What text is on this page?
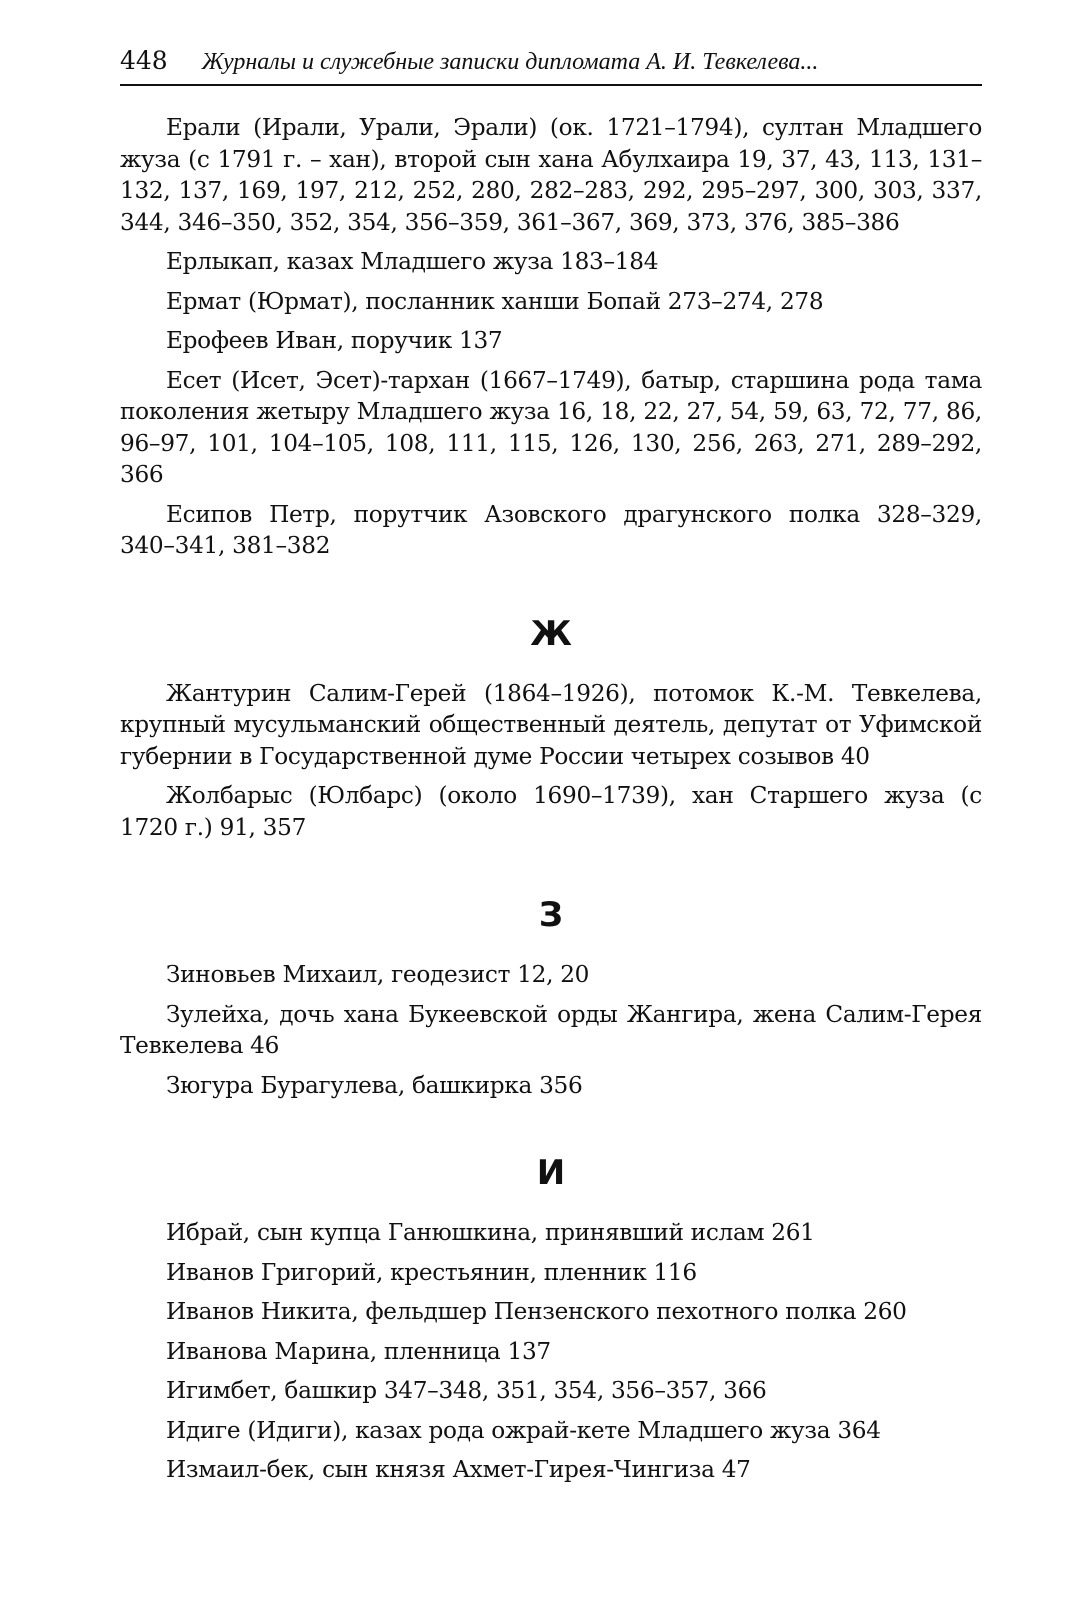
448 Журналы и служебные записки дипломата А. И. Тевкелева...

Ерали (Ирали, Урали, Эрали) (ок. 1721–1794), султан Младшего жуза (с 1791 г. – хан), второй сын хана Абулхаира 19, 37, 43, 113, 131–132, 137, 169, 197, 212, 252, 280, 282–283, 292, 295–297, 300, 303, 337, 344, 346–350, 352, 354, 356–359, 361–367, 369, 373, 376, 385–386

Ерлыкап, казах Младшего жуза 183–184

Ермат (Юрмат), посланник ханши Бопай 273–274, 278

Ерофеев Иван, поручик 137

Есет (Исет, Эсет)-тархан (1667–1749), батыр, старшина рода тама поколения жетыру Младшего жуза 16, 18, 22, 27, 54, 59, 63, 72, 77, 86, 96–97, 101, 104–105, 108, 111, 115, 126, 130, 256, 263, 271, 289–292, 366

Есипов Петр, порутчик Азовского драгунского полка 328–329, 340–341, 381–382

Ж

Жантурин Салим-Герей (1864–1926), потомок К.-М. Тевкелева, крупный мусульманский общественный деятель, депутат от Уфимской губернии в Государственной думе России четырех созывов 40

Жолбарыс (Юлбарс) (около 1690–1739), хан Старшего жуза (с 1720 г.) 91, 357

З

Зиновьев Михаил, геодезист 12, 20

Зулейха, дочь хана Букеевской орды Жангира, жена Салим-Герея Тевкелева 46

Зюгура Бурагулева, башкирка 356

И

Ибрай, сын купца Ганюшкина, принявший ислам 261

Иванов Григорий, крестьянин, пленник 116

Иванов Никита, фельдшер Пензенского пехотного полка 260

Иванова Марина, пленница 137

Игимбет, башкир 347–348, 351, 354, 356–357, 366

Идиге (Идиги), казах рода ожрай-кете Младшего жуза 364

Измаил-бек, сын князя Ахмет-Гирея-Чингиза 47
